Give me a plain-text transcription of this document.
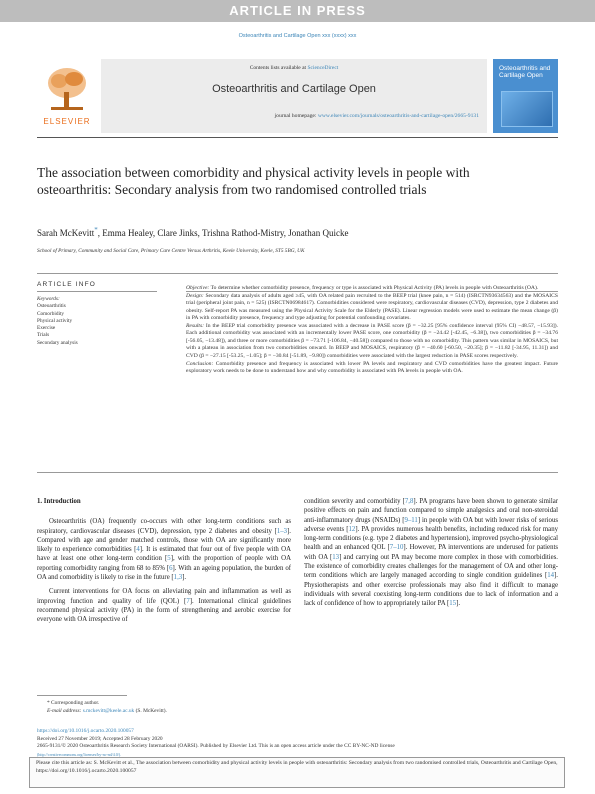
ARTICLE IN PRESS
Osteoarthritis and Cartilage Open xxx (xxxx) xxx
ELSEVIER
Contents lists available at ScienceDirect
Osteoarthritis and Cartilage Open
journal homepage: www.elsevier.com/journals/osteoarthritis-and-cartilage-open/2665-9131
Osteoarthritis and Cartilage Open
The association between comorbidity and physical activity levels in people with osteoarthritis: Secondary analysis from two randomised controlled trials
Sarah McKevitt*, Emma Healey, Clare Jinks, Trishna Rathod-Mistry, Jonathan Quicke
School of Primary, Community and Social Care, Primary Care Centre Versus Arthritis, Keele University, Keele, ST5 5BG, UK
ARTICLE INFO
Keywords:
Osteoarthritis
Comorbidity
Physical activity
Exercise
Trials
Secondary analysis

Objective: To determine whether comorbidity presence, frequency or type is associated with Physical Activity (PA) levels in people with Osteoarthritis (OA).

Design: Secondary data analysis of adults aged ≥45, with OA related pain recruited to the BEEP trial (knee pain, n = 514) (ISRCTN93634563) and the MOSAICS trial (peripheral joint pain, n = 525) (ISRCTN06984617). Comorbidities considered were respiratory, cardiovascular diseases (CVD), depression, type 2 diabetes and obesity. Self-report PA was measured using the Physical Activity Scale for the Elderly (PASE). Linear regression models were used to estimate the mean change (β) in PA with comorbidity presence, frequency and type adjusting for potential confounding covariates.

Results: In the BEEP trial comorbidity presence was associated with a decrease in PASE score (β = −32.25 [95% confidence interval (95% CI) −48.57, −15.93]). Each additional comorbidity was associated with an incrementally lower PASE score, one comorbidity (β = −24.42 [-42.45, −6.38]), two comorbidities β = −34.76 [-56.05, −13.48]), and three or more comorbidities β = −73.71 [-106.84, −40.58]) compared to those with no comorbidity. This pattern was similar in MOSAICS, but with a plateau in association from two comorbidities onward. In BEEP and MOSAICS, respiratory (β = −40.60 [-60.50, −20.35]; β = −11.82 [-34.95, 11.31]) and CVD (β = −27.15 [-53.25, −1.05]; β = −30.84 [-51.89, −9.80]) comorbidities were associated with the largest reduction in PASE scores respectively.

Conclusion: Comorbidity presence and frequency is associated with lower PA levels and respiratory and CVD comorbidities have the greatest impact. Future exploratory work needs to be done to understand how and why comorbidity is associated with PA levels in people with OA.

1. Introduction

Osteoarthritis (OA) frequently co-occurs with other long-term conditions such as respiratory, cardiovascular diseases (CVD), depression, type 2 diabetes and obesity [1–3]. Compared with age and gender matched controls, those with OA are significantly more likely to experience comorbidities [4]. It is estimated that four out of five people with OA have at least one other long-term condition [5], with the proportion of people with OA reporting comorbidity ranging from 68 to 85% [6]. With an ageing population, the burden of OA and comorbidity is likely to rise in the future [1,3].

Current interventions for OA focus on alleviating pain and inflammation as well as improving function and quality of life (QOL) [7]. International clinical guidelines recommend physical activity (PA) in the form of strengthening and aerobic exercise for everyone with OA irrespective of

condition severity and comorbidity [7,8]. PA programs have been shown to generate similar positive effects on pain and function compared to simple analgesics and oral non-steroidal anti-inflammatory drugs (NSAIDs) [9–11] in people with OA but with lower risks of serious adverse events [12]. PA provides numerous health benefits, including reduced risk for many long-term conditions (e.g. type 2 diabetes and hypertension), improved psycho-physiological health and an enhanced QOL [7–10]. However, PA interventions are underused for patients with OA [13] and carrying out PA may become more complex in those with comorbidities. The existence of comorbidity creates challenges for the management of OA and other long-term conditions which are largely managed according to single condition guidelines [14]. Physiotherapists and other exercise professionals may also find it difficult to manage individuals with several coexisting long-term conditions due to lack of information and a lack of confidence of how to appropriately tailor PA [15].

* Corresponding author.
E-mail address: s.mckevitt@keele.ac.uk (S. McKevitt).
https://doi.org/10.1016/j.ocarto.2020.100057
Received 27 November 2019; Accepted 28 February 2020
2665-9131/© 2020 Osteoarthritis Research Society International (OARSI). Published by Elsevier Ltd. This is an open access article under the CC BY-NC-ND license
(http://creativecommons.org/licenses/by-nc-nd/4.0/).
Please cite this article as: S. McKevitt et al., The association between comorbidity and physical activity levels in people with osteoarthritis: Secondary analysis from two randomised controlled trials, Osteoarthritis and Cartilage Open, https://doi.org/10.1016/j.ocarto.2020.100057
